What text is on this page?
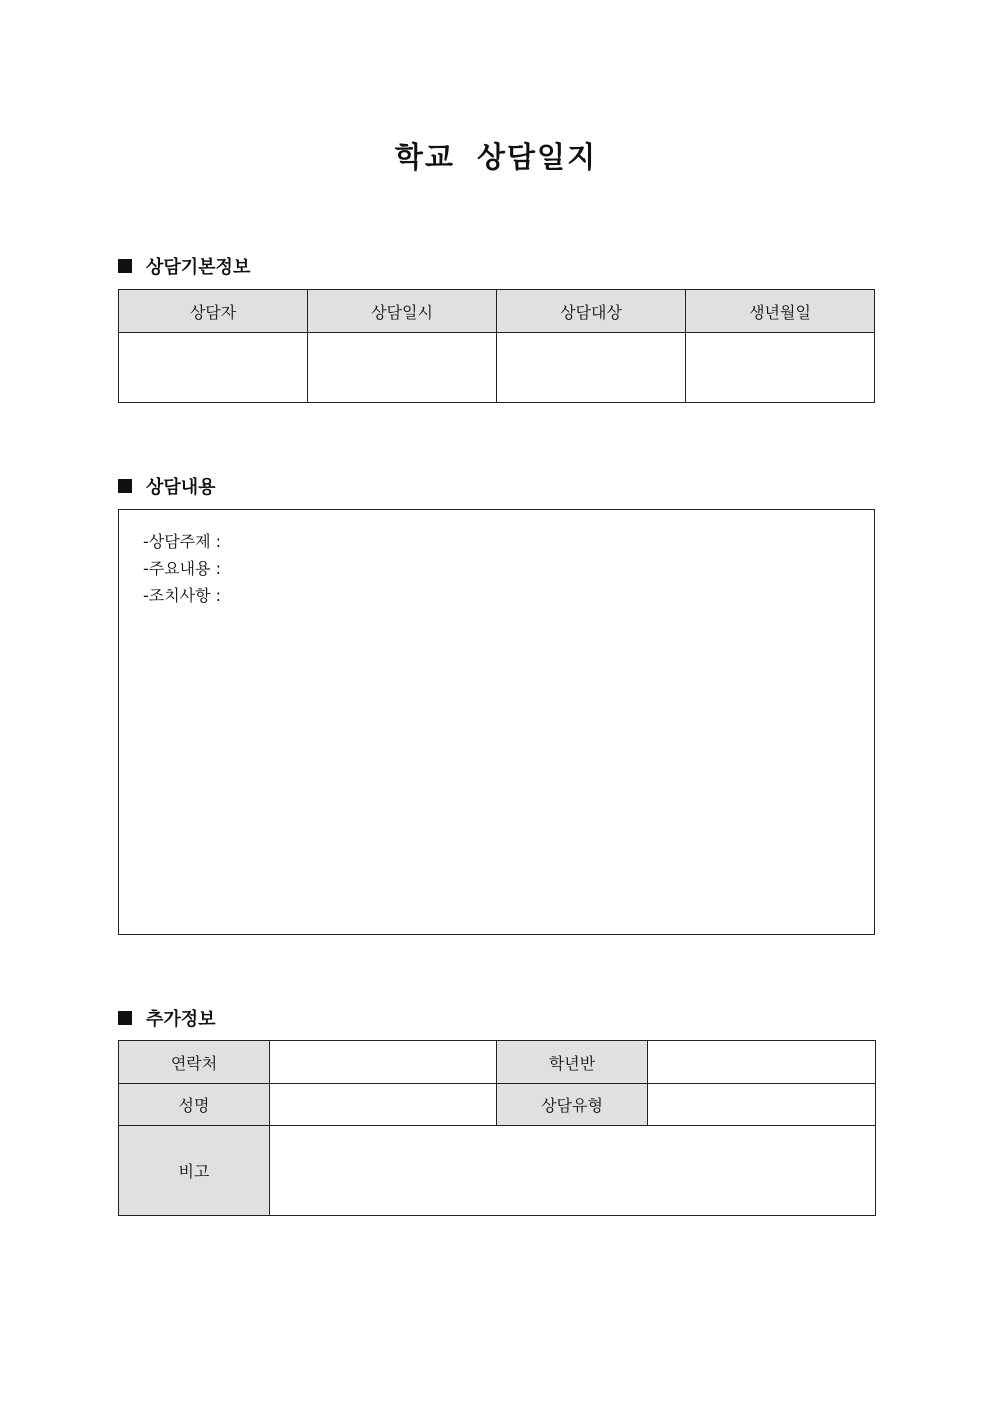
학교 상담일지
상담기본정보
상담자	상담일시	상담대상	생년월일

상담내용
-상담주제 :
-주요내용 :
-조치사항 :
추가정보
연락처		학년반	
성명		상담유형	
비고			
